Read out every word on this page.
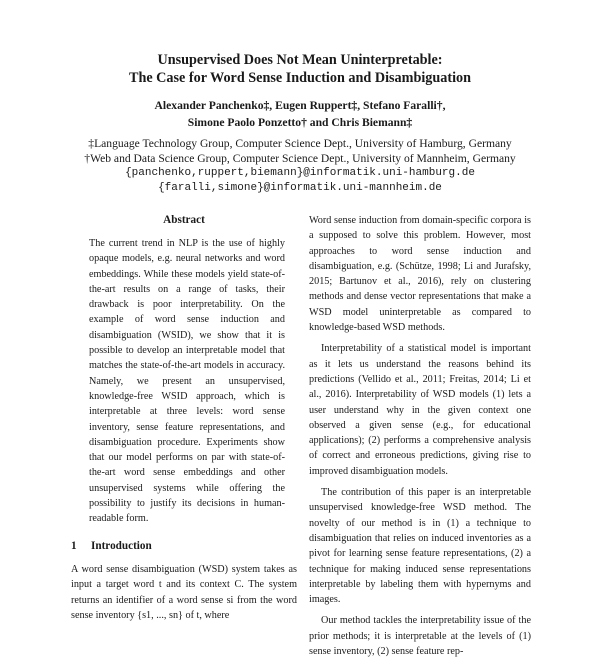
Unsupervised Does Not Mean Uninterpretable:
The Case for Word Sense Induction and Disambiguation
Alexander Panchenko‡, Eugen Ruppert‡, Stefano Faralli†,
Simone Paolo Ponzetto† and Chris Biemann‡
‡Language Technology Group, Computer Science Dept., University of Hamburg, Germany
†Web and Data Science Group, Computer Science Dept., University of Mannheim, Germany
{panchenko,ruppert,biemann}@informatik.uni-hamburg.de
{faralli,simone}@informatik.uni-mannheim.de
Abstract

The current trend in NLP is the use of highly opaque models, e.g. neural networks and word embeddings. While these models yield state-of-the-art results on a range of tasks, their drawback is poor interpretability. On the example of word sense induction and disambiguation (WSID), we show that it is possible to develop an interpretable model that matches the state-of-the-art models in accuracy. Namely, we present an unsupervised, knowledge-free WSID approach, which is interpretable at three levels: word sense inventory, sense feature representations, and disambiguation procedure. Experiments show that our model performs on par with state-of-the-art word sense embeddings and other unsupervised systems while offering the possibility to justify its decisions in human-readable form.

1 Introduction

A word sense disambiguation (WSD) system takes as input a target word t and its context C. The system returns an identifier of a word sense si from the word sense inventory {s1, ..., sn} of t, where

Word sense induction from domain-specific corpora is a supposed to solve this problem. However, most approaches to word sense induction and disambiguation, e.g. (Schütze, 1998; Li and Jurafsky, 2015; Bartunov et al., 2016), rely on clustering methods and dense vector representations that make a WSD model uninterpretable as compared to knowledge-based WSD methods.

Interpretability of a statistical model is important as it lets us understand the reasons behind its predictions (Vellido et al., 2011; Freitas, 2014; Li et al., 2016). Interpretability of WSD models (1) lets a user understand why in the given context one observed a given sense (e.g., for educational applications); (2) performs a comprehensive analysis of correct and erroneous predictions, giving rise to improved disambiguation models.

The contribution of this paper is an interpretable unsupervised knowledge-free WSD method. The novelty of our method is in (1) a technique to disambiguation that relies on induced inventories as a pivot for learning sense feature representations, (2) a technique for making induced sense representations interpretable by labeling them with hypernyms and images.

Our method tackles the interpretability issue of the prior methods; it is interpretable at the levels of (1) sense inventory, (2) sense feature rep-
